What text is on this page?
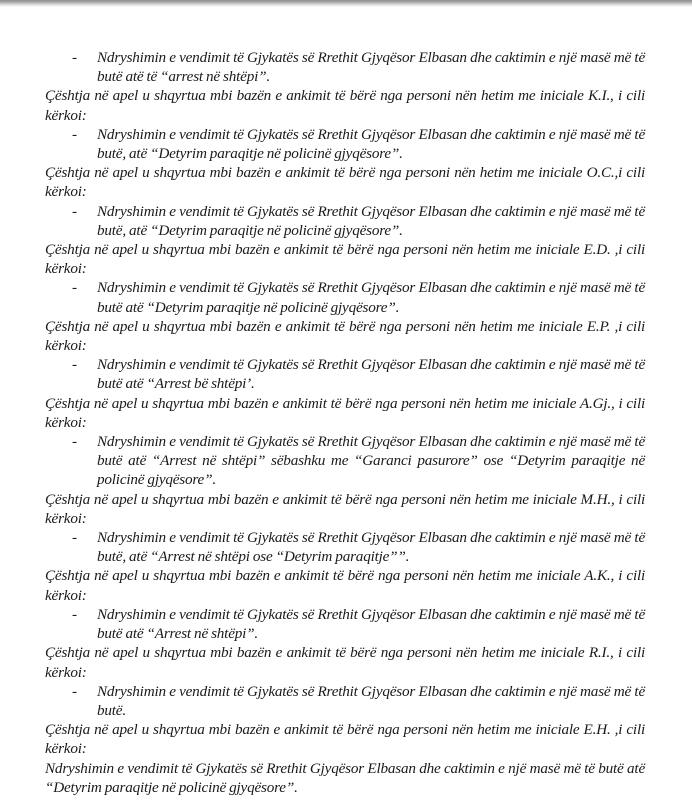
- Ndryshimin e vendimit të Gjykatës së Rrethit Gjyqësor Elbasan dhe caktimin e një masë më të butë atë të “arrest në shtëpi”.

Çështja në apel u shqyrtua mbi bazën e ankimit të bërë nga personi nën hetim me iniciale K.I., i cili kërkoi:

- Ndryshimin e vendimit të Gjykatës së Rrethit Gjyqësor Elbasan dhe caktimin e një masë më të butë, atë “Detyrim paraqitje në policinë gjyqësore”.

Çështja në apel u shqyrtua mbi bazën e ankimit të bërë nga personi nën hetim me iniciale O.C.,i cili kërkoi:

- Ndryshimin e vendimit të Gjykatës së Rrethit Gjyqësor Elbasan dhe caktimin e një masë më të butë, atë “Detyrim paraqitje në policinë gjyqësore”.

Çështja në apel u shqyrtua mbi bazën e ankimit të bërë nga personi nën hetim me iniciale E.D. ,i cili kërkoi:

- Ndryshimin e vendimit të Gjykatës së Rrethit Gjyqësor Elbasan dhe caktimin e një masë më të butë atë “Detyrim paraqitje në policinë gjyqësore”.

Çështja në apel u shqyrtua mbi bazën e ankimit të bërë nga personi nën hetim me iniciale E.P. ,i cili kërkoi:

- Ndryshimin e vendimit të Gjykatës së Rrethit Gjyqësor Elbasan dhe caktimin e një masë më të butë atë “Arrest bë shtëpi’.

Çështja në apel u shqyrtua mbi bazën e ankimit të bërë nga personi nën hetim me iniciale A.Gj., i cili kërkoi:

- Ndryshimin e vendimit të Gjykatës së Rrethit Gjyqësor Elbasan dhe caktimin e një masë më të butë atë “Arrest në shtëpi” sëbashku me “Garanci pasurore” ose “Detyrim paraqitje në policinë gjyqësore”.

Çështja në apel u shqyrtua mbi bazën e ankimit të bërë nga personi nën hetim me iniciale M.H., i cili kërkoi:

- Ndryshimin e vendimit të Gjykatës së Rrethit Gjyqësor Elbasan dhe caktimin e një masë më të butë, atë “Arrest në shtëpi ose “Detyrim paraqitje””.

Çështja në apel u shqyrtua mbi bazën e ankimit të bërë nga personi nën hetim me iniciale A.K., i cili kërkoi:

- Ndryshimin e vendimit të Gjykatës së Rrethit Gjyqësor Elbasan dhe caktimin e një masë më të butë atë “Arrest në shtëpi”.

Çështja në apel u shqyrtua mbi bazën e ankimit të bërë nga personi nën hetim me iniciale R.I., i cili kërkoi:

- Ndryshimin e vendimit të Gjykatës së Rrethit Gjyqësor Elbasan dhe caktimin e një masë më të butë.

Çështja në apel u shqyrtua mbi bazën e ankimit të bërë nga personi nën hetim me iniciale E.H. ,i cili kërkoi:

Ndryshimin e vendimit të Gjykatës së Rrethit Gjyqësor Elbasan dhe caktimin e një masë më të butë atë “Detyrim paraqitje në policinë gjyqësore”.
